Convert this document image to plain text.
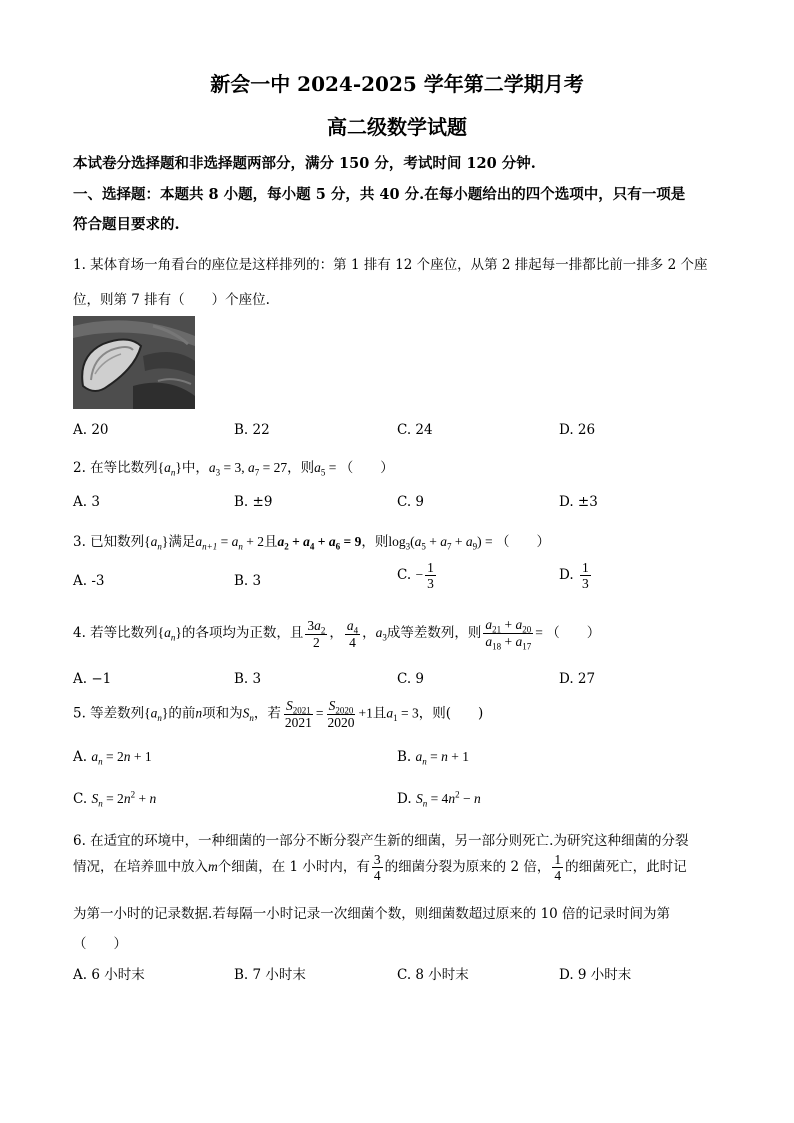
新会一中 2024-2025 学年第二学期月考
高二级数学试题
本试卷分选择题和非选择题两部分，满分 150 分，考试时间 120 分钟.
一、选择题：本题共 8 小题，每小题 5 分，共 40 分.在每小题给出的四个选项中，只有一项是
符合题目要求的.
1. 某体育场一角看台的座位是这样排列的：第 1 排有 12 个座位，从第 2 排起每一排都比前一排多 2 个座
位，则第 7 排有（　　）个座位.
A. 20	B. 22	C. 24	D. 26
2. 在等比数列$\{a_n\}$中，$a_3 = 3$, $a_7 = 27$，则$a_5$ = （　　）
A. 3	B. ±9	C. 9	D. ±3
3. 已知数列$\{a_n\}$满足$a_{n+1} = a_n + 2$且$a_2 + a_4 + a_6 = 9$，则$\log_3(a_5 + a_7 + a_9)$ = （　　）
A. -3	B. 3	C. − $\frac{1}{3}$	D. $\frac{1}{3}$
4. 若等比数列$\{a_n\}$的各项均为正数，且 $\frac{3a_2}{2}$ ， $\frac{a_4}{4}$ ，$a_3$成等差数列，则 $\frac{a_{21} + a_{20}}{a_{18} + a_{17}}$ = （　　）
A. −1	B. 3	C. 9	D. 27
5. 等差数列$\{a_n\}$的前n项和为$S_n$，若 $\frac{S_{2021}}{2021} = \frac{S_{2020}}{2020} +1$且$a_1 = 3$，则(　　)
A. $a_n = 2n + 1$	B. $a_n = n + 1$
C. $S_n = 2n^2 + n$	D. $S_n = 4n^2 - n$
6. 在适宜的环境中，一种细菌的一部分不断分裂产生新的细菌，另一部分则死亡.为研究这种细菌的分裂
情况，在培养皿中放入m个细菌，在 1 小时内，有 $\frac{3}{4}$ 的细菌分裂为原来的 2 倍， $\frac{1}{4}$ 的细菌死亡，此时记
为第一小时的记录数据.若每隔一小时记录一次细菌个数，则细菌数超过原来的 10 倍的记录时间为第
（　　）
A. 6 小时末	B. 7 小时末	C. 8 小时末	D. 9 小时末
